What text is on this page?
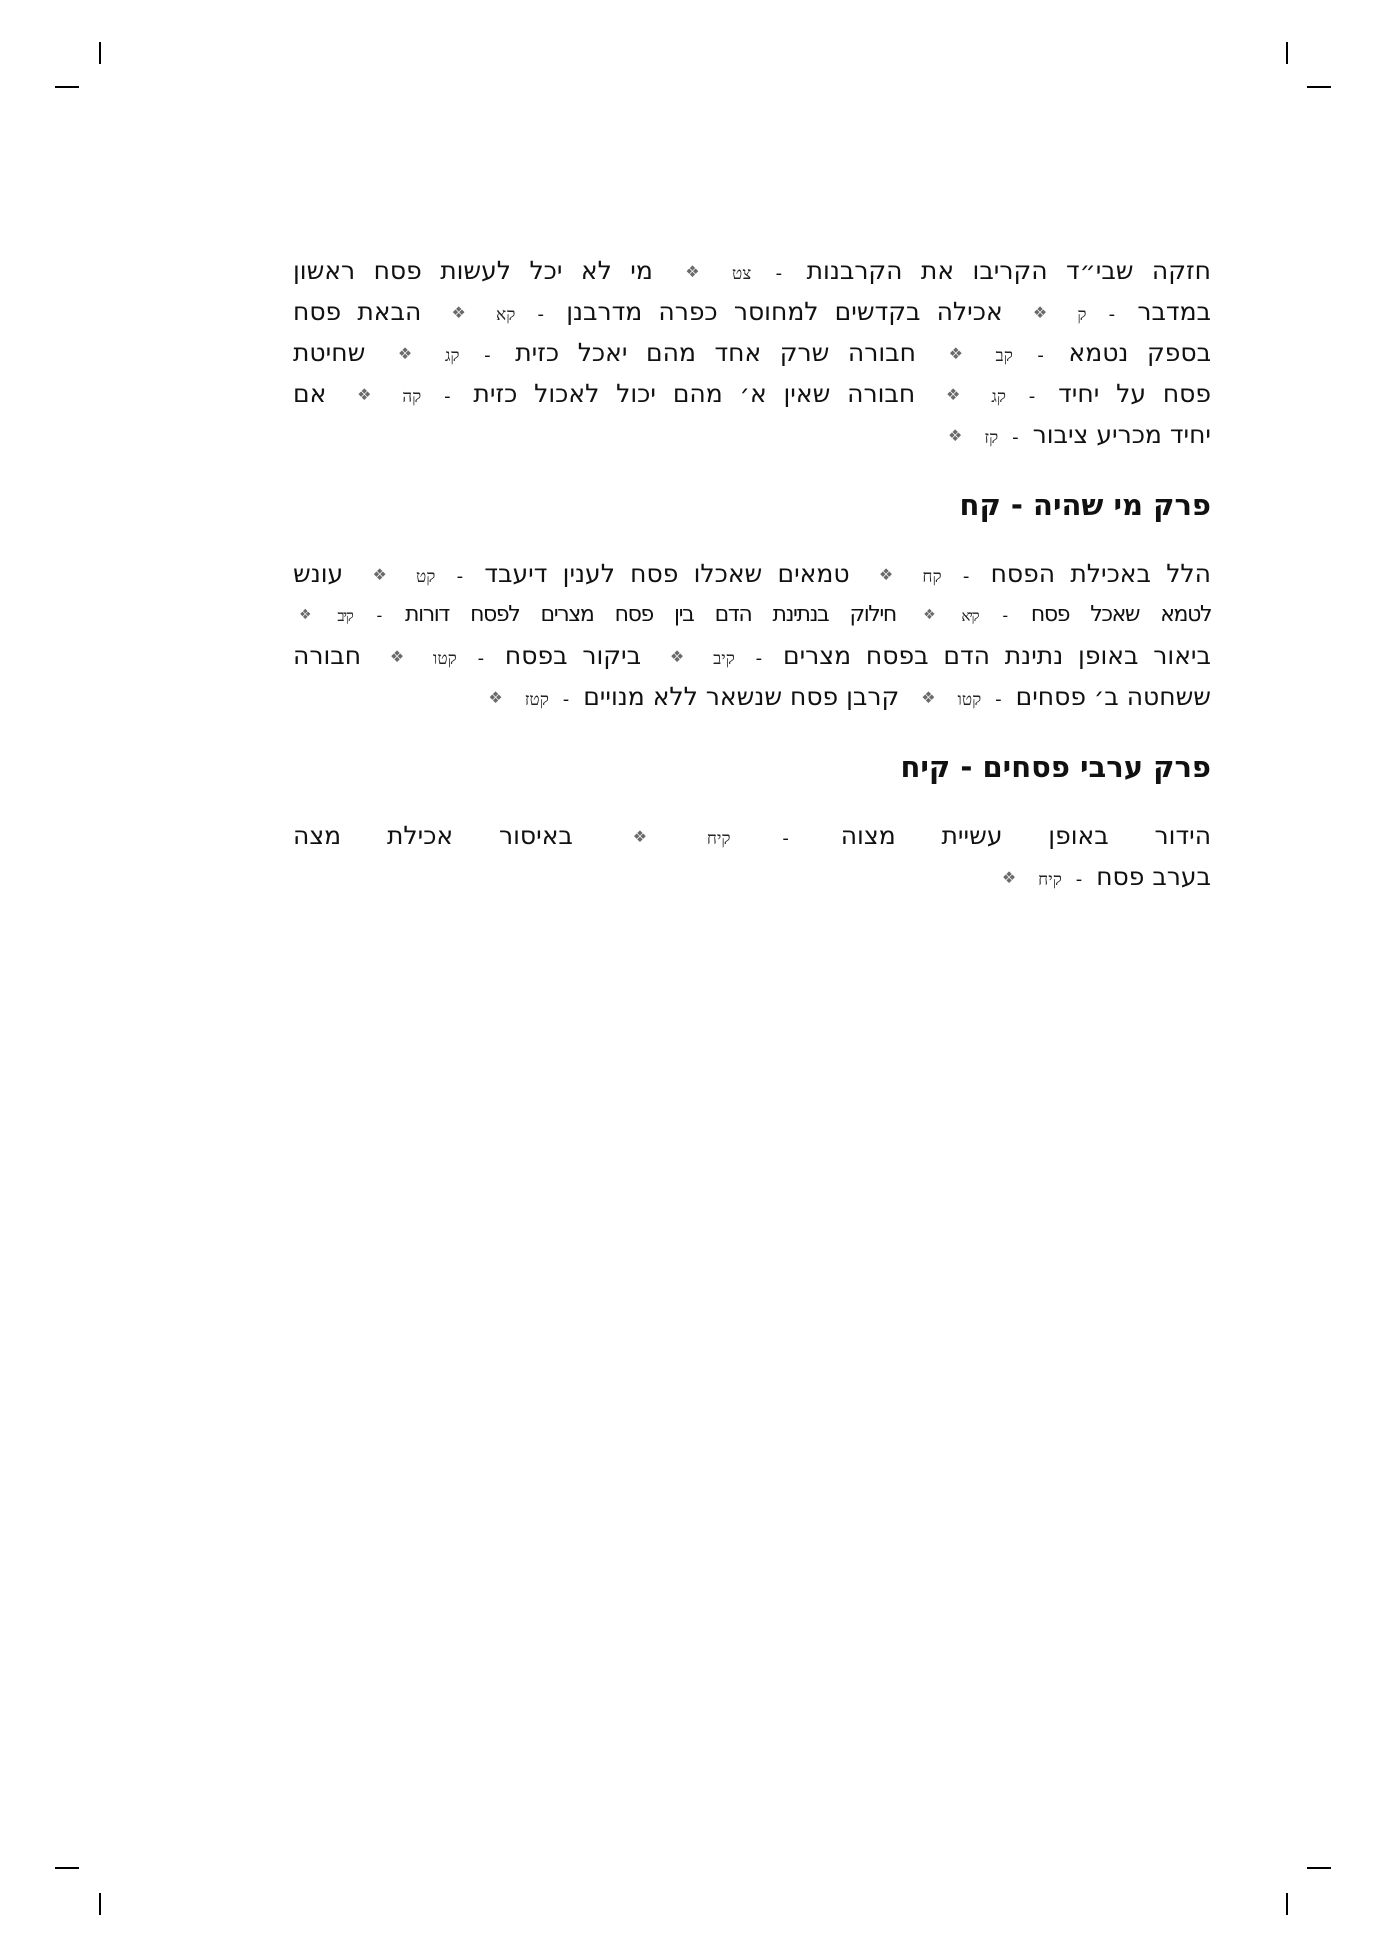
חזקה שבי״ד הקריבו את הקרבנות - צט ❖ מי לא יכל לעשות פסח ראשון
במדבר - ק ❖ אכילה בקדשים למחוסר כפרה מדרבנן - קא ❖ הבאת פסח
בספק נטמא - קב ❖ חבורה שרק אחד מהם יאכל כזית - קג ❖ שחיטת
פסח על יחיד - קג ❖ חבורה שאין א׳ מהם יכול לאכול כזית - קה ❖ אם
יחיד מכריע ציבור - קז ❖
פרק מי שהיה - קח
הלל באכילת הפסח - קח ❖ טמאים שאכלו פסח לענין דיעבד - קט ❖ עונש
לטמא שאכל פסח - קיא ❖ חילוק בנתינת הדם בין פסח מצרים לפסח דורות - קיב ❖
ביאור באופן נתינת הדם בפסח מצרים - קיב ❖ ביקור בפסח - קטו ❖ חבורה
ששחטה ב׳ פסחים - קטו ❖ קרבן פסח שנשאר ללא מנויים - קטז ❖
פרק ערבי פסחים - קיח
הידור באופן עשיית מצוה - קיח ❖ באיסור אכילת מצה
בערב פסח - קיח ❖
